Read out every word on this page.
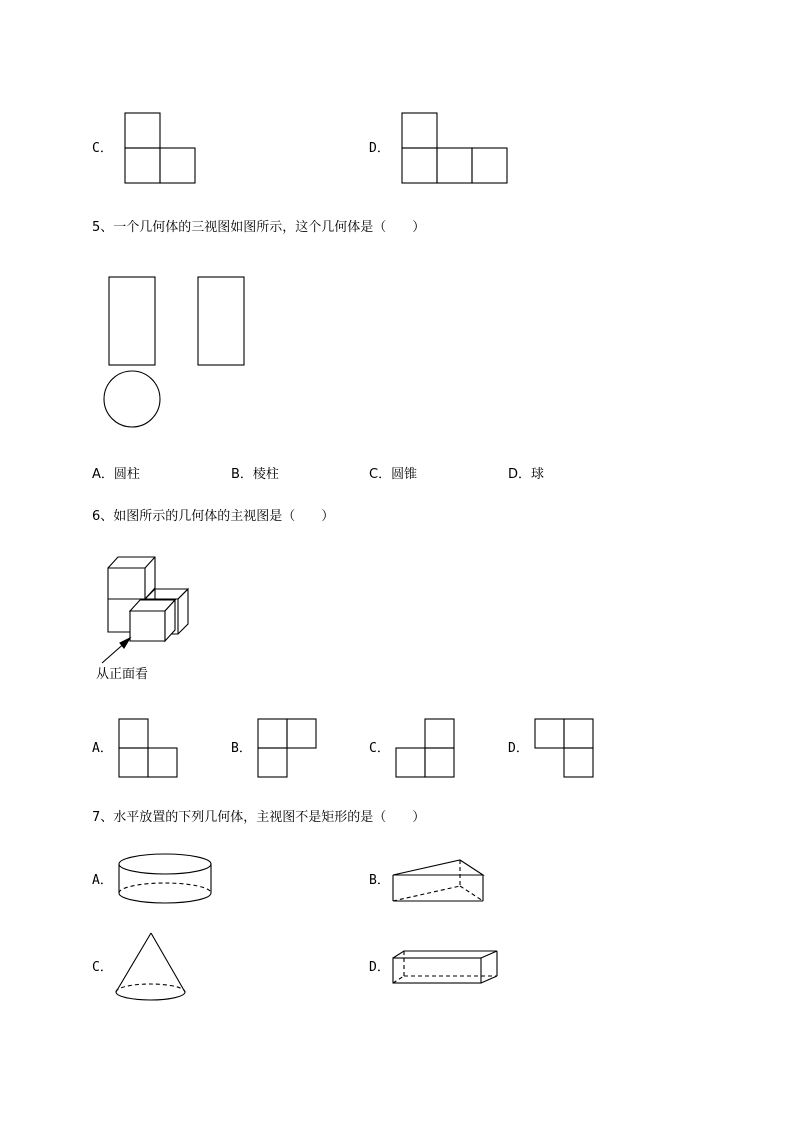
C．	D．
5、一个几何体的三视图如图所示，这个几何体是（　　）
A．圆柱	B．棱柱	C．圆锥	D．球
6、如图所示的几何体的主视图是（　　）
从正面看
A．	B．	C．	D．
7、水平放置的下列几何体，主视图不是矩形的是（　　）
A．	B．
C．	D．
